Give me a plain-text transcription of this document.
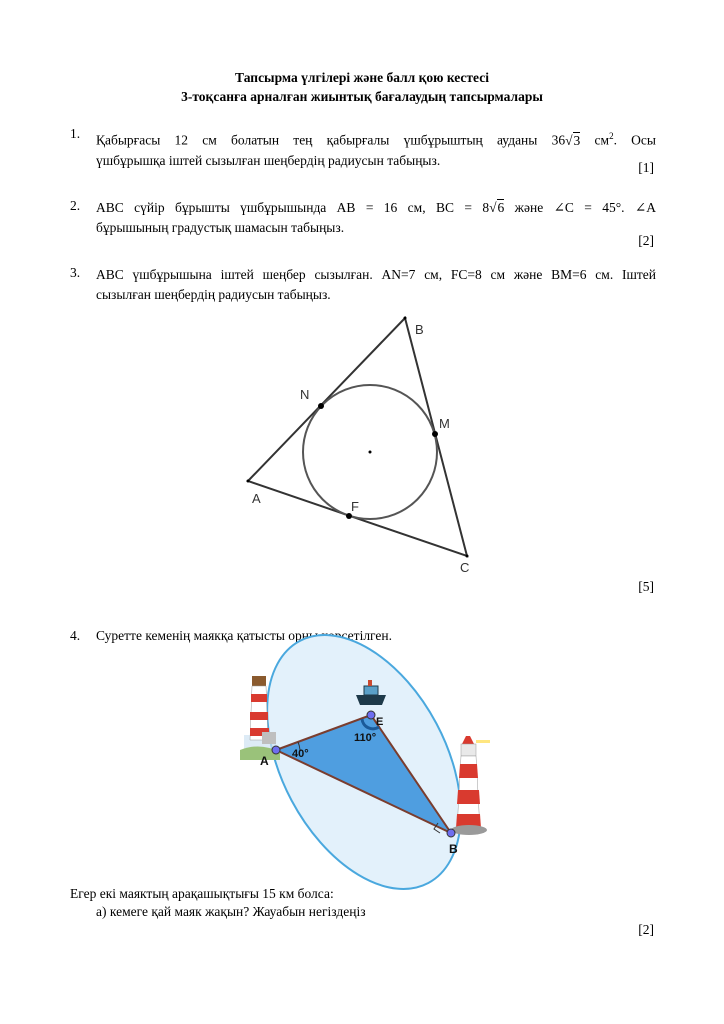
Тапсырма үлгілері және балл қою кестесі
3-тоқсанға арналған жиынтық бағалаудың тапсырмалары
1. Қабырғасы 12 см болатын тең қабырғалы үшбұрыштың ауданы 36√3 $см^2$. Осы
үшбұрышқа іштей сызылған шеңбердің радиусын табыңыз.	[1]
2. ABC сүйір бұрышты үшбұрышында AB = 16 см, BC = 8√6 және ∠C = 45°. ∠A
бұрышының градустық шамасын табыңыз.
[2]
3. ABC үшбұрышына іштей шеңбер сызылған. AN=7 см, FC=8 см және BM=6 см. Іштей
сызылған шеңбердің радиусын табыңыз.
A
B
C
N
M
F
[5]
4. Суретте кеменің маякқа қатысты орны көрсетілген.
A
B
E
40°
110°
Егер екі маяктың арақашықтығы 15 км болса:
а) кемеге қай маяк жақын? Жауабын негіздеңіз
[2]
